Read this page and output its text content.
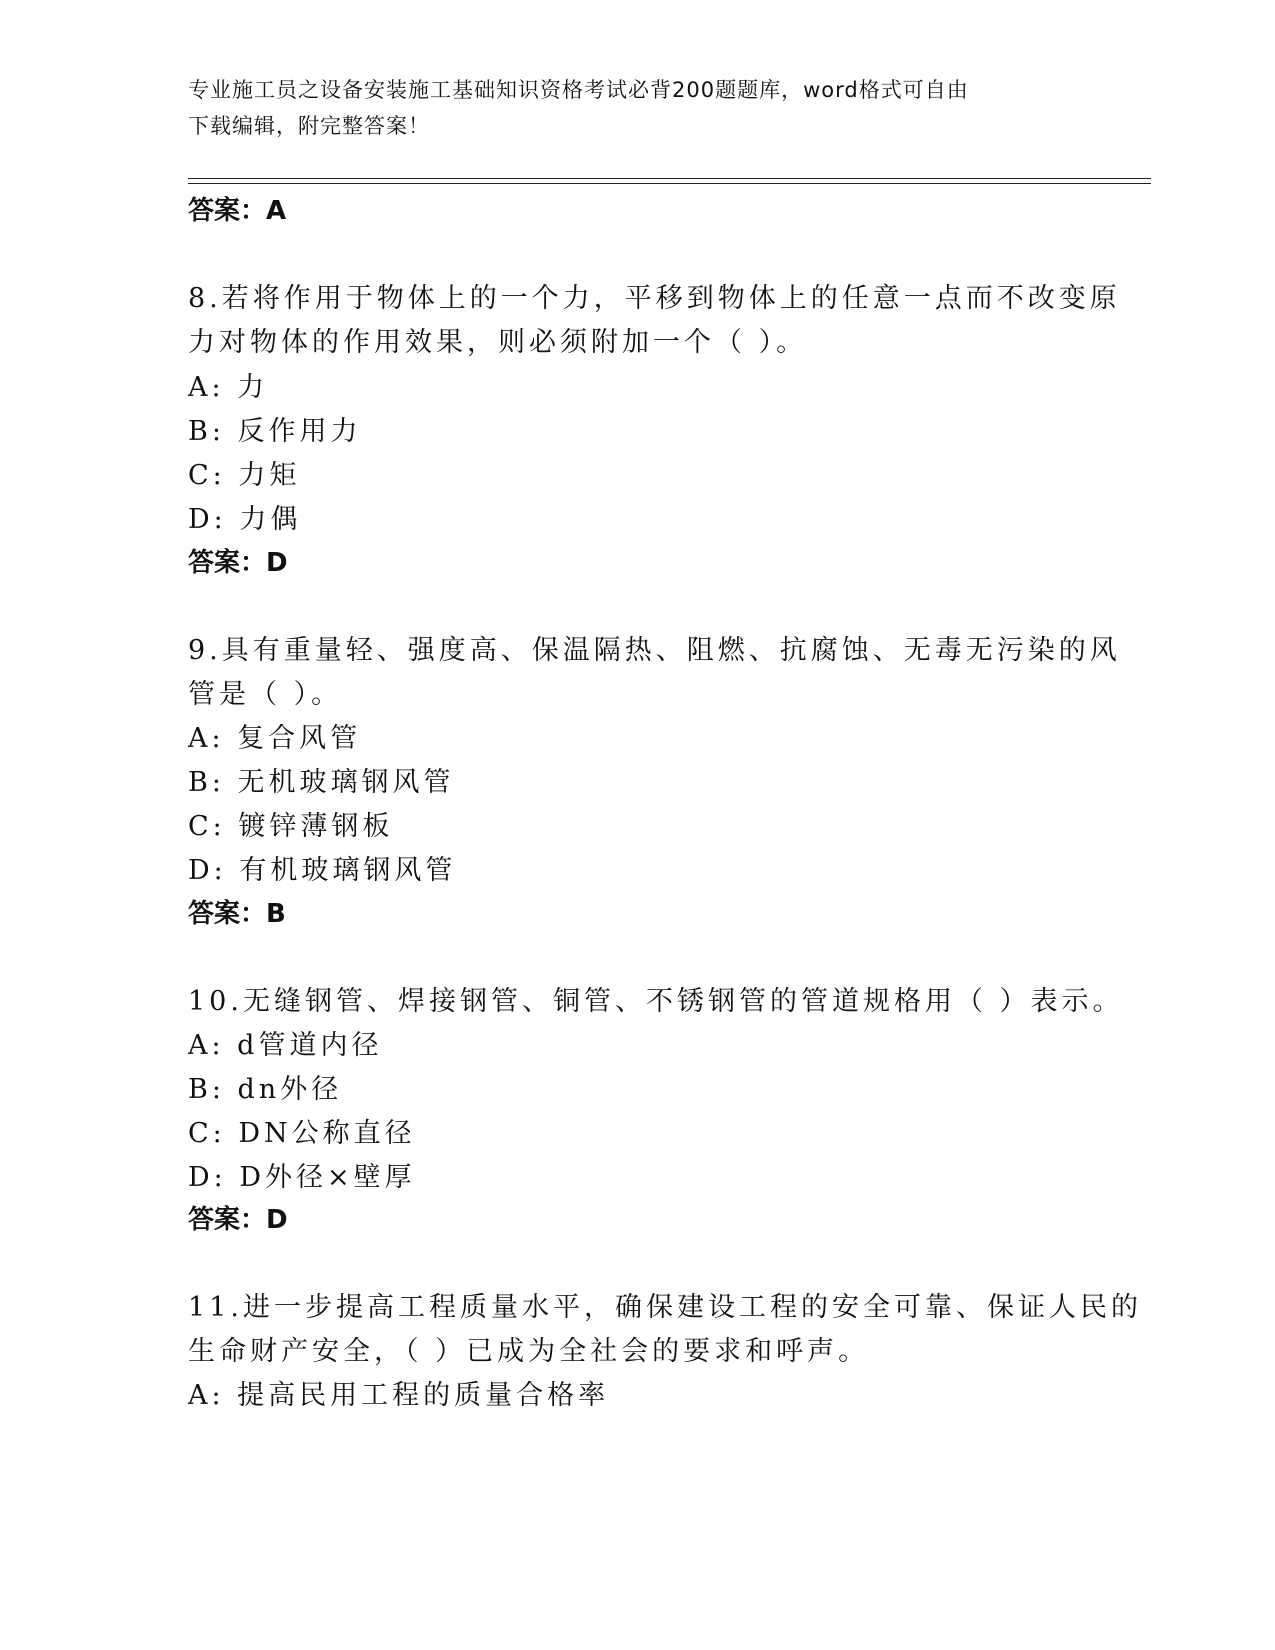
专业施工员之设备安装施工基础知识资格考试必背200题题库，word格式可自由
下载编辑，附完整答案！
答案：A
8.若将作用于物体上的一个力，平移到物体上的任意一点而不改变原
力对物体的作用效果，则必须附加一个（ ）。
A: 力
B: 反作用力
C: 力矩
D: 力偶
答案：D
9.具有重量轻、强度高、保温隔热、阻燃、抗腐蚀、无毒无污染的风
管是（ ）。
A: 复合风管
B: 无机玻璃钢风管
C: 镀锌薄钢板
D: 有机玻璃钢风管
答案：B
10.无缝钢管、焊接钢管、铜管、不锈钢管的管道规格用（ ）表示。
A: d管道内径
B: dn外径
C: DN公称直径
D: D外径×壁厚
答案：D
11.进一步提高工程质量水平，确保建设工程的安全可靠、保证人民的
生命财产安全，（ ）已成为全社会的要求和呼声。
A: 提高民用工程的质量合格率
